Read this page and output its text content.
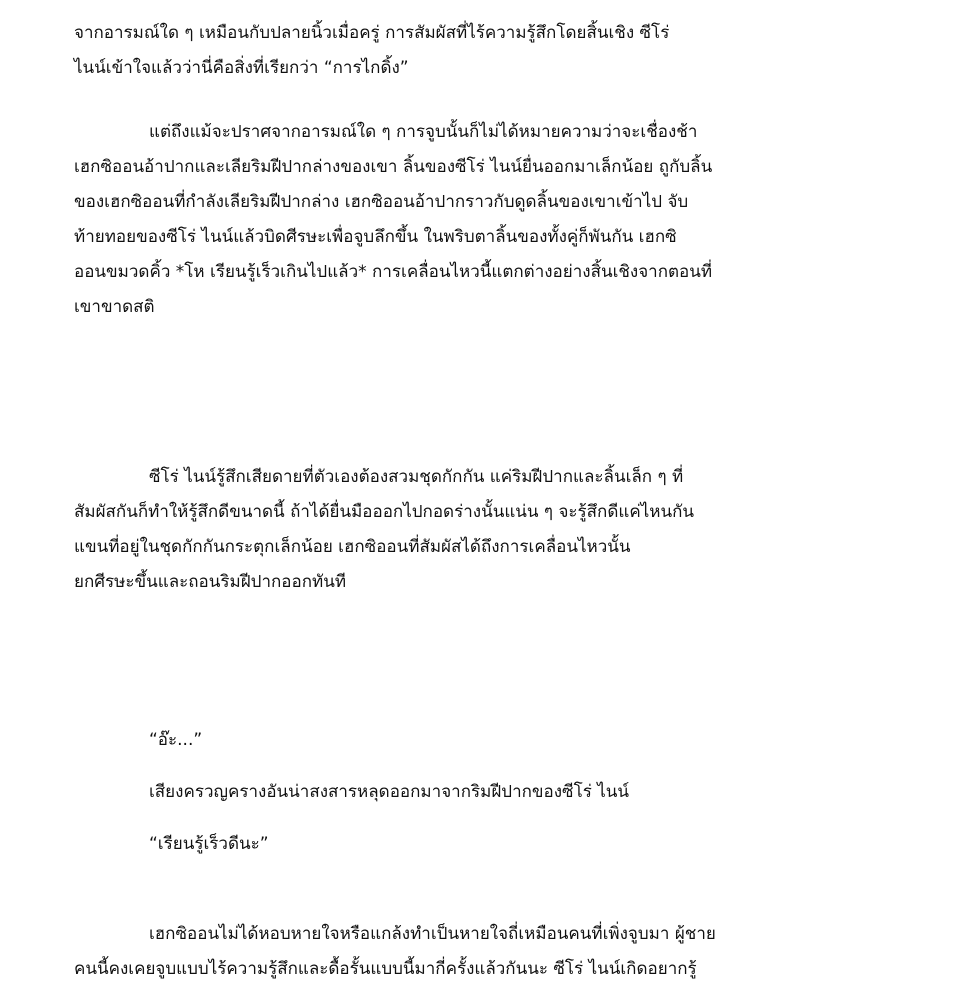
จากอารมณ์ใด ๆ เหมือนกับปลายนิ้วเมื่อครู่ การสัมผัสที่ไร้ความรู้สึกโดยสิ้นเชิง ซีโร่
ไนน์เข้าใจแล้วว่านี่คือสิ่งที่เรียกว่า “การไกดิ้ง”
แต่ถึงแม้จะปราศจากอารมณ์ใด ๆ การจูบนั้นก็ไม่ได้หมายความว่าจะเชื่องช้า
เฮกซิออนอ้าปากและเลียริมฝีปากล่างของเขา ลิ้นของซีโร่ ไนน์ยื่นออกมาเล็กน้อย ถูกับลิ้น
ของเฮกซิออนที่กำลังเลียริมฝีปากล่าง เฮกซิออนอ้าปากราวกับดูดลิ้นของเขาเข้าไป จับ
ท้ายทอยของซีโร่ ไนน์แล้วบิดศีรษะเพื่อจูบลึกขึ้น ในพริบตาลิ้นของทั้งคู่ก็พันกัน เฮกซิ
ออนขมวดคิ้ว *โห เรียนรู้เร็วเกินไปแล้ว* การเคลื่อนไหวนี้แตกต่างอย่างสิ้นเชิงจากตอนที่
เขาขาดสติ
ซีโร่ ไนน์รู้สึกเสียดายที่ตัวเองต้องสวมชุดกักกัน แค่ริมฝีปากและลิ้นเล็ก ๆ ที่
สัมผัสกันก็ทำให้รู้สึกดีขนาดนี้ ถ้าได้ยื่นมือออกไปกอดร่างนั้นแน่น ๆ จะรู้สึกดีแค่ไหนกัน
แขนที่อยู่ในชุดกักกันกระตุกเล็กน้อย เฮกซิออนที่สัมผัสได้ถึงการเคลื่อนไหวนั้น
ยกศีรษะขึ้นและถอนริมฝีปากออกทันที
“อ๊ะ...”
เสียงครวญครางอันน่าสงสารหลุดออกมาจากริมฝีปากของซีโร่ ไนน์
“เรียนรู้เร็วดีนะ”
เฮกซิออนไม่ได้หอบหายใจหรือแกล้งทำเป็นหายใจถี่เหมือนคนที่เพิ่งจูบมา ผู้ชาย
คนนี้คงเคยจูบแบบไร้ความรู้สึกและดื้อรั้นแบบนี้มากี่ครั้งแล้วกันนะ ซีโร่ ไนน์เกิดอยากรู้
